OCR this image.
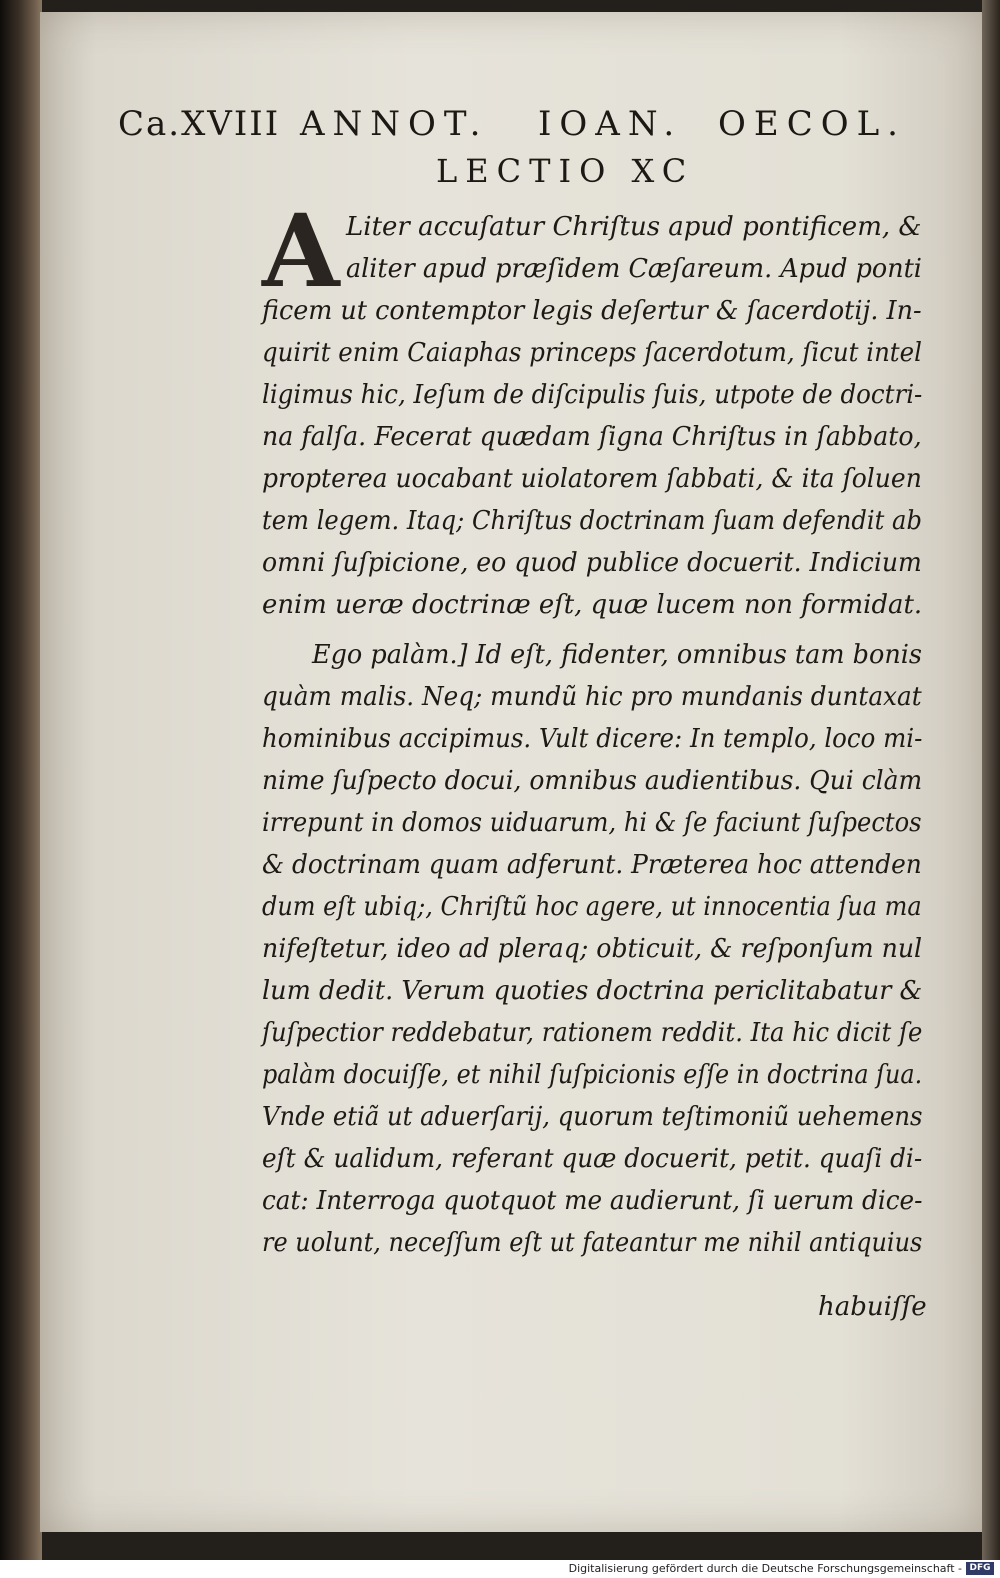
Ca.XVIII ANNOT. IOAN. OECOL.
LECTIO XC
A Liter accuſatur Chriſtus apud pontificem, &
aliter apud præſidem Cæſareum. Apud ponti
ficem ut contemptor legis deſertur & ſacerdotij. In-
quirit enim Caiaphas princeps ſacerdotum, ſicut intel
ligimus hic, Ieſum de diſcipulis ſuis, utpote de doctri-
na falſa. Fecerat quædam ſigna Chriſtus in ſabbato,
propterea uocabant uiolatorem ſabbati, & ita ſoluen
tem legem. Itaq; Chriſtus doctrinam ſuam defendit ab
omni ſuſpicione, eo quod publice docuerit. Indicium
enim ueræ doctrinæ eſt, quæ lucem non formidat.
Ego palàm.] Id eſt, fidenter, omnibus tam bonis
quàm malis. Neq; mundũ hic pro mundanis duntaxat
hominibus accipimus. Vult dicere: In templo, loco mi-
nime ſuſpecto docui, omnibus audientibus. Qui clàm
irrepunt in domos uiduarum, hi & ſe faciunt ſuſpectos
& doctrinam quam adferunt. Præterea hoc attenden
dum eſt ubiq;, Chriſtũ hoc agere, ut innocentia ſua ma
nifeſtetur, ideo ad pleraq; obticuit, & reſponſum nul
lum dedit. Verum quoties doctrina periclitabatur &
ſuſpectior reddebatur, rationem reddit. Ita hic dicit ſe
palàm docuiſſe, et nihil ſuſpicionis eſſe in doctrina ſua.
Vnde etiã ut aduerſarij, quorum teſtimoniũ uehemens
eſt & ualidum, referant quæ docuerit, petit. quaſi di-
cat: Interroga quotquot me audierunt, ſi uerum dice-
re uolunt, neceſſum eſt ut fateantur me nihil antiquius
habuiſſe
Digitalisierung gefördert durch die Deutsche Forschungsgemeinschaft - DFG
